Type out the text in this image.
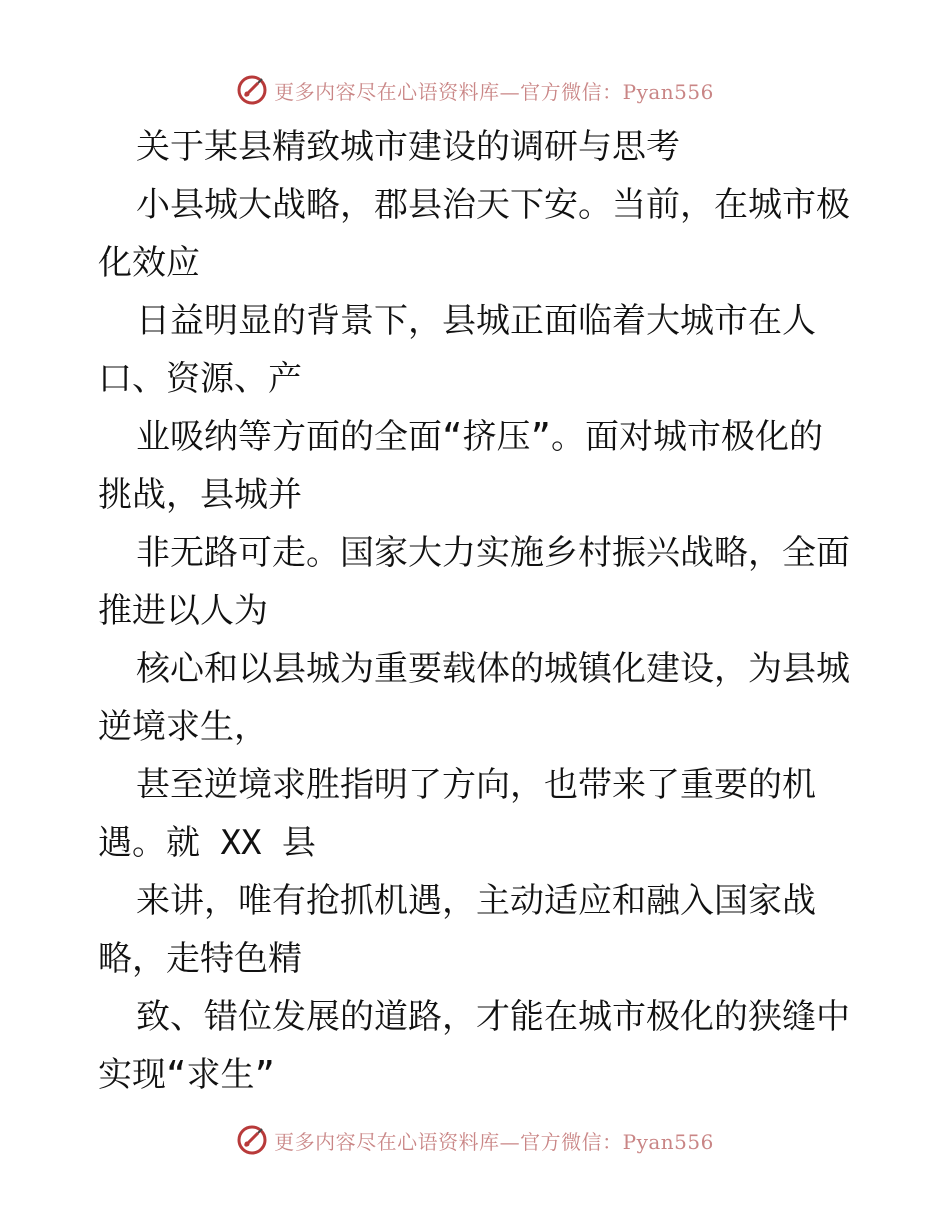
更多内容尽在心语资料库—官方微信：Pyan556
关于某县精致城市建设的调研与思考
小县城大战略，郡县治天下安。当前，在城市极
化效应
日益明显的背景下，县城正面临着大城市在人
口、资源、产
业吸纳等方面的全面“挤压”。面对城市极化的
挑战，县城并
非无路可走。国家大力实施乡村振兴战略，全面
推进以人为
核心和以县城为重要载体的城镇化建设，为县城
逆境求生，
甚至逆境求胜指明了方向，也带来了重要的机
遇。就 XX 县
来讲，唯有抢抓机遇，主动适应和融入国家战
略，走特色精
致、错位发展的道路，才能在城市极化的狭缝中
实现“求生”
更多内容尽在心语资料库—官方微信：Pyan556
